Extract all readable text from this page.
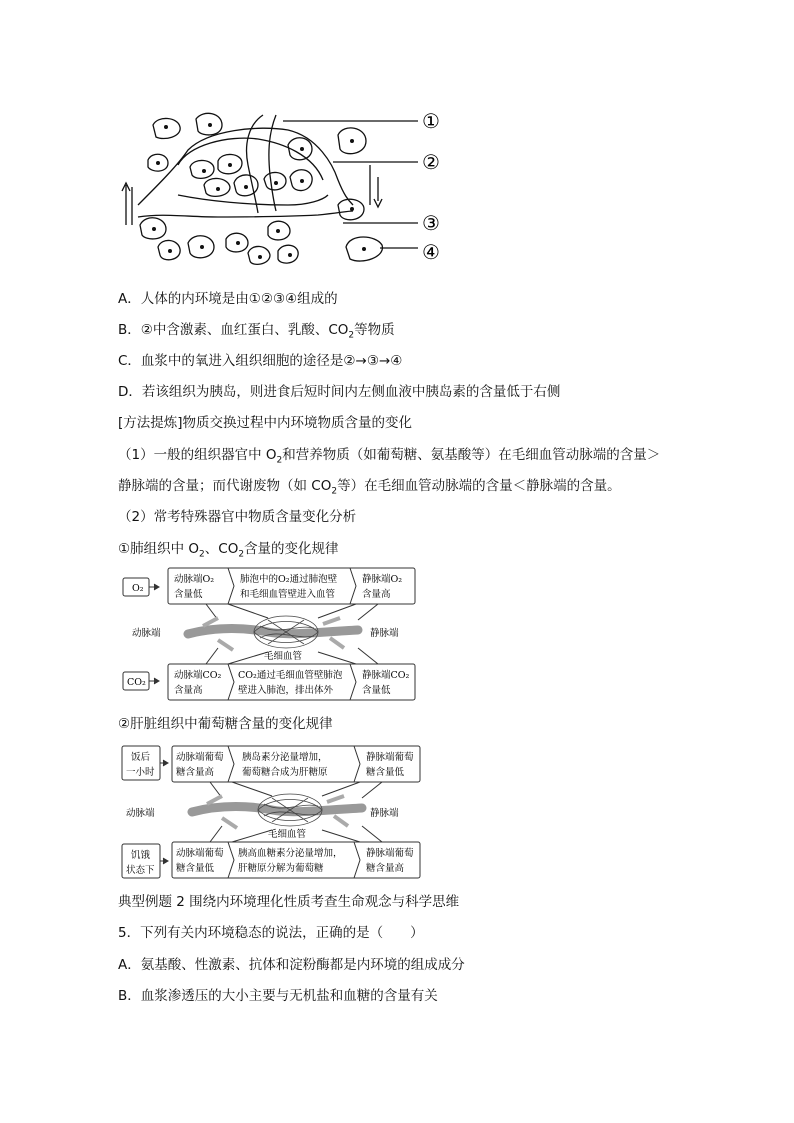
①
②
③
④
A．人体的内环境是由①②③④组成的
B．②中含激素、血红蛋白、乳酸、$CO_2$等物质
C．血浆中的氧进入组织细胞的途径是②→③→④
D．若该组织为胰岛，则进食后短时间内左侧血液中胰岛素的含量低于右侧
[方法提炼]物质交换过程中内环境物质含量的变化
（1）一般的组织器官中 $O_2$和营养物质（如葡萄糖、氨基酸等）在毛细血管动脉端的含量＞
静脉端的含量；而代谢废物（如 $CO_2$等）在毛细血管动脉端的含量＜静脉端的含量。
（2）常考特殊器官中物质含量变化分析
①肺组织中 $O_2$、$CO_2$含量的变化规律
O₂
CO₂
动脉端O₂
含量低
肺泡中的O₂通过肺泡壁
和毛细血管壁进入血管
静脉端O₂
含量高
动脉端	静脉端
毛细血管
动脉端CO₂
含量高
CO₂通过毛细血管壁肺泡
壁进入肺泡，排出体外
静脉端CO₂
含量低
②肝脏组织中葡萄糖含量的变化规律
饭后
一小时
饥饿
状态下
动脉端葡萄
糖含量高
胰岛素分泌量增加，
葡萄糖合成为肝糖原
静脉端葡萄
糖含量低
动脉端	静脉端
毛细血管
动脉端葡萄
糖含量低
胰高血糖素分泌量增加，
肝糖原分解为葡萄糖
静脉端葡萄
糖含量高
典型例题 2 围绕内环境理化性质考查生命观念与科学思维
5．下列有关内环境稳态的说法，正确的是（　　）
A．氨基酸、性激素、抗体和淀粉酶都是内环境的组成成分
B．血浆渗透压的大小主要与无机盐和血糖的含量有关
